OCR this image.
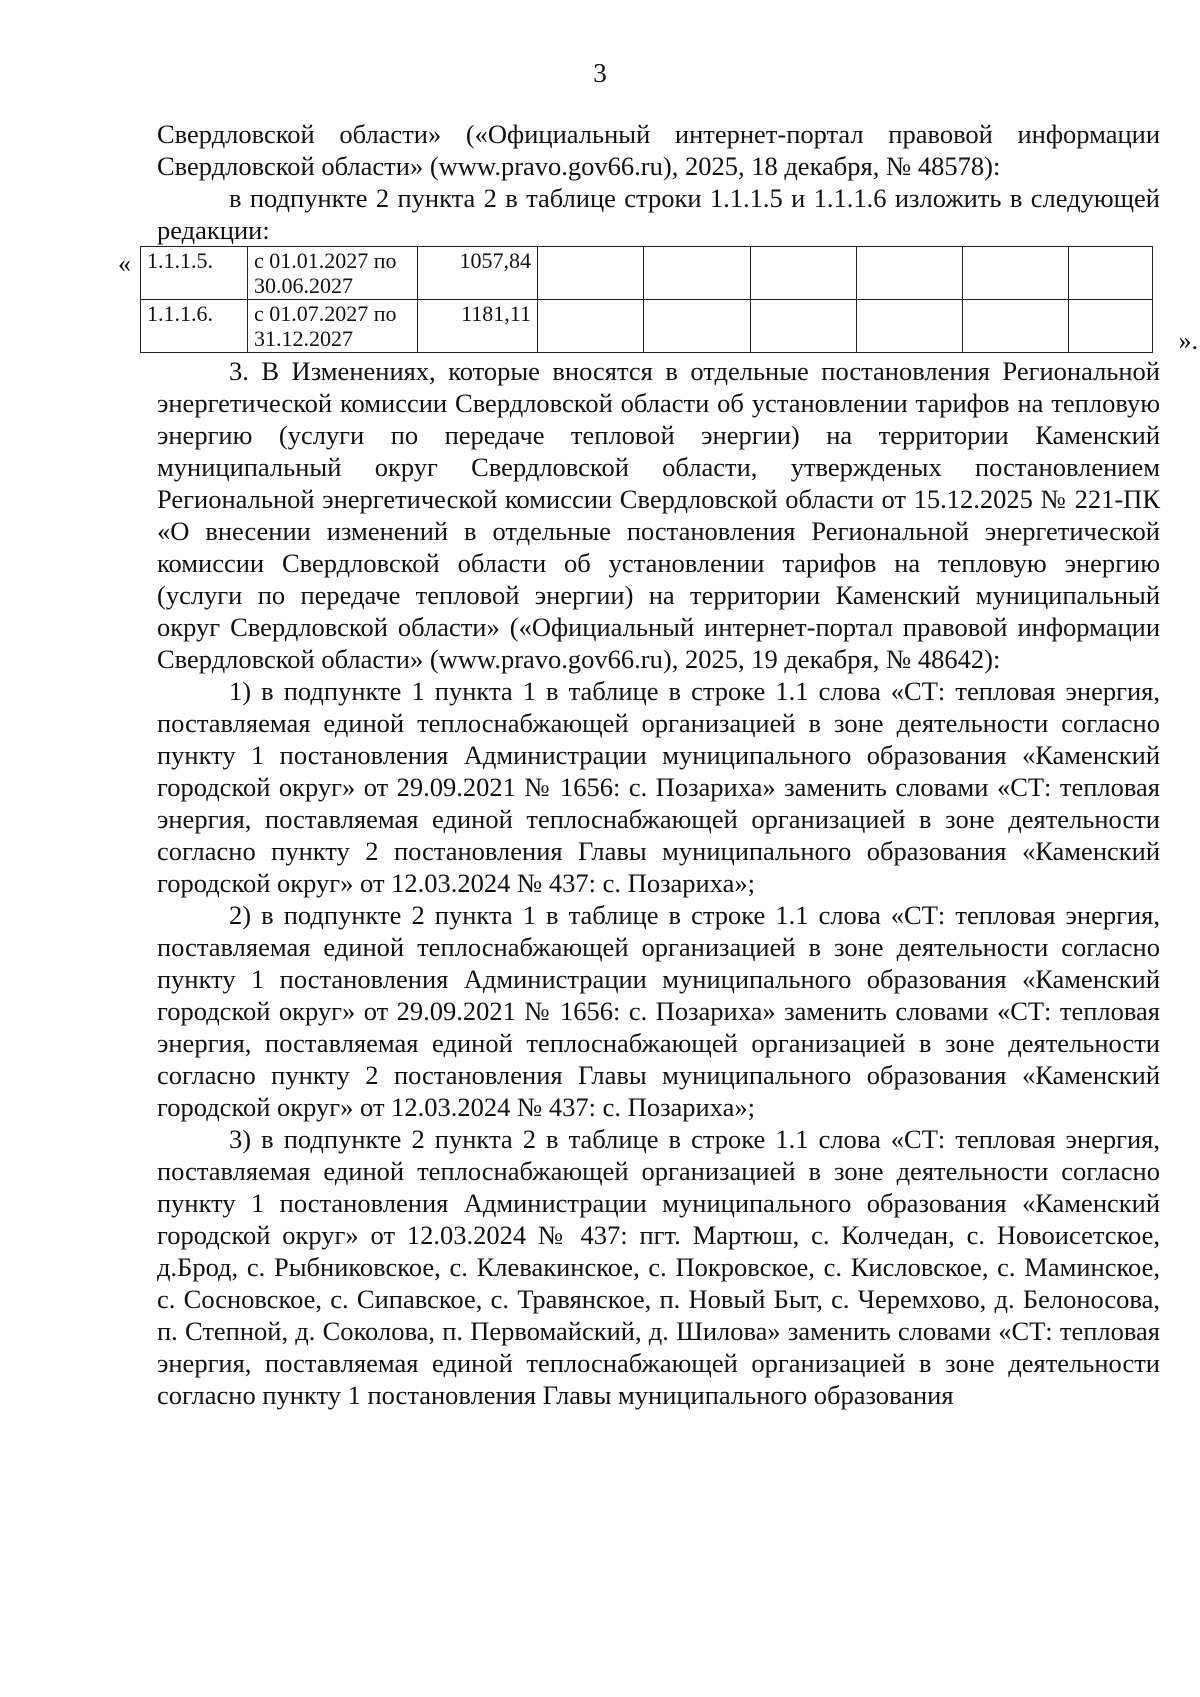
3

Свердловской области» («Официальный интернет-портал правовой информации Свердловской области» (www.pravo.gov66.ru), 2025, 18 декабря, № 48578):

в подпункте 2 пункта 2 в таблице строки 1.1.1.5 и 1.1.1.6 изложить в следующей редакции:

« 1.1.1.5.	с 01.01.2027 по 30.06.2027	1057,84						
1.1.1.6.	с 01.07.2027 по 31.12.2027	1181,11						
».

3. В Изменениях, которые вносятся в отдельные постановления Региональной энергетической комиссии Свердловской области об установлении тарифов на тепловую энергию (услуги по передаче тепловой энергии) на территории Каменский муниципальный округ Свердловской области, утвержденых постановлением Региональной энергетической комиссии Свердловской области от 15.12.2025 № 221-ПК «О внесении изменений в отдельные постановления Региональной энергетической комиссии Свердловской области об установлении тарифов на тепловую энергию (услуги по передаче тепловой энергии) на территории Каменский муниципальный округ Свердловской области» («Официальный интернет-портал правовой информации Свердловской области» (www.pravo.gov66.ru), 2025, 19 декабря, № 48642):

1) в подпункте 1 пункта 1 в таблице в строке 1.1 слова «СТ: тепловая энергия, поставляемая единой теплоснабжающей организацией в зоне деятельности согласно пункту 1 постановления Администрации муниципального образования «Каменский городской округ» от 29.09.2021 № 1656: с. Позариха» заменить словами «СТ: тепловая энергия, поставляемая единой теплоснабжающей организацией в зоне деятельности согласно пункту 2 постановления Главы муниципального образования «Каменский городской округ» от 12.03.2024 № 437: с. Позариха»;

2) в подпункте 2 пункта 1 в таблице в строке 1.1 слова «СТ: тепловая энергия, поставляемая единой теплоснабжающей организацией в зоне деятельности согласно пункту 1 постановления Администрации муниципального образования «Каменский городской округ» от 29.09.2021 № 1656: с. Позариха» заменить словами «СТ: тепловая энергия, поставляемая единой теплоснабжающей организацией в зоне деятельности согласно пункту 2 постановления Главы муниципального образования «Каменский городской округ» от 12.03.2024 № 437: с. Позариха»;

3) в подпункте 2 пункта 2 в таблице в строке 1.1 слова «СТ: тепловая энергия, поставляемая единой теплоснабжающей организацией в зоне деятельности согласно пункту 1 постановления Администрации муниципального образования «Каменский городской округ» от 12.03.2024 № 437: пгт. Мартюш, с. Колчедан, с. Новоисетское, д.Брод, с. Рыбниковское, с. Клевакинское, с. Покровское, с. Кисловское, с. Маминское, с. Сосновское, с. Сипавское, с. Травянское, п. Новый Быт, с. Черемхово, д. Белоносова, п. Степной, д. Соколова, п. Первомайский, д. Шилова» заменить словами «СТ: тепловая энергия, поставляемая единой теплоснабжающей организацией в зоне деятельности согласно пункту 1 постановления Главы муниципального образования
